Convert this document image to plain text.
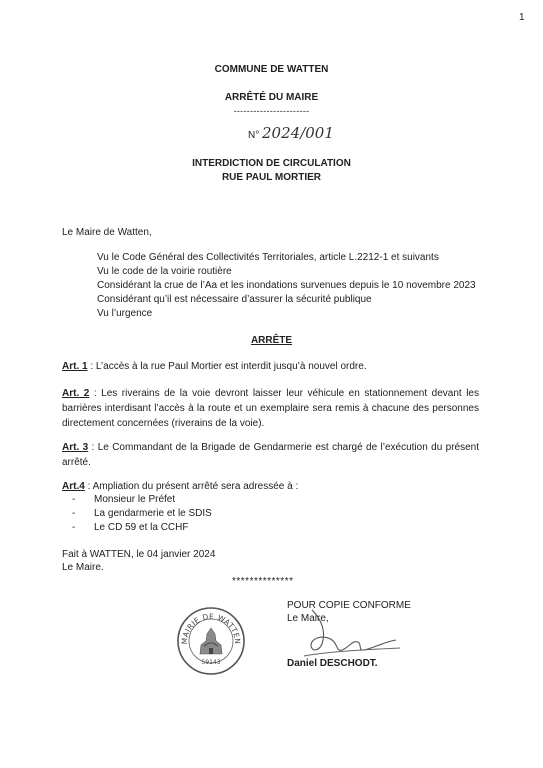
1
COMMUNE DE WATTEN
ARRÊTÉ DU MAIRE
-----------------------
N° 2024/001
INTERDICTION DE CIRCULATION
RUE PAUL MORTIER
Le Maire de Watten,
Vu le Code Général des Collectivités Territoriales, article L.2212-1 et suivants
Vu le code de la voirie routière
Considérant la crue de l’Aa et les inondations survenues depuis le 10 novembre 2023
Considérant qu’il est nécessaire d’assurer la sécurité publique
Vu l’urgence
ARRÊTE
Art. 1 : L’accès à la rue Paul Mortier est interdit jusqu’à nouvel ordre.
Art. 2 : Les riverains de la voie devront laisser leur véhicule en stationnement devant les barrières interdisant l’accès à la route et un exemplaire sera remis à chacune des personnes directement concernées (riverains de la voie).
Art. 3 : Le Commandant de la Brigade de Gendarmerie est chargé de l’exécution du présent arrêté.
Art.4 : Ampliation du présent arrêté sera adressée à :
- Monsieur le Préfet
- La gendarmerie et le SDIS
- Le CD 59 et la CCHF
Fait à WATTEN, le 04 janvier 2024
Le Maire.
**************
MAIRIE DE WATTEN
59143
POUR COPIE CONFORME
Le Maire,
Daniel DESCHODT.
